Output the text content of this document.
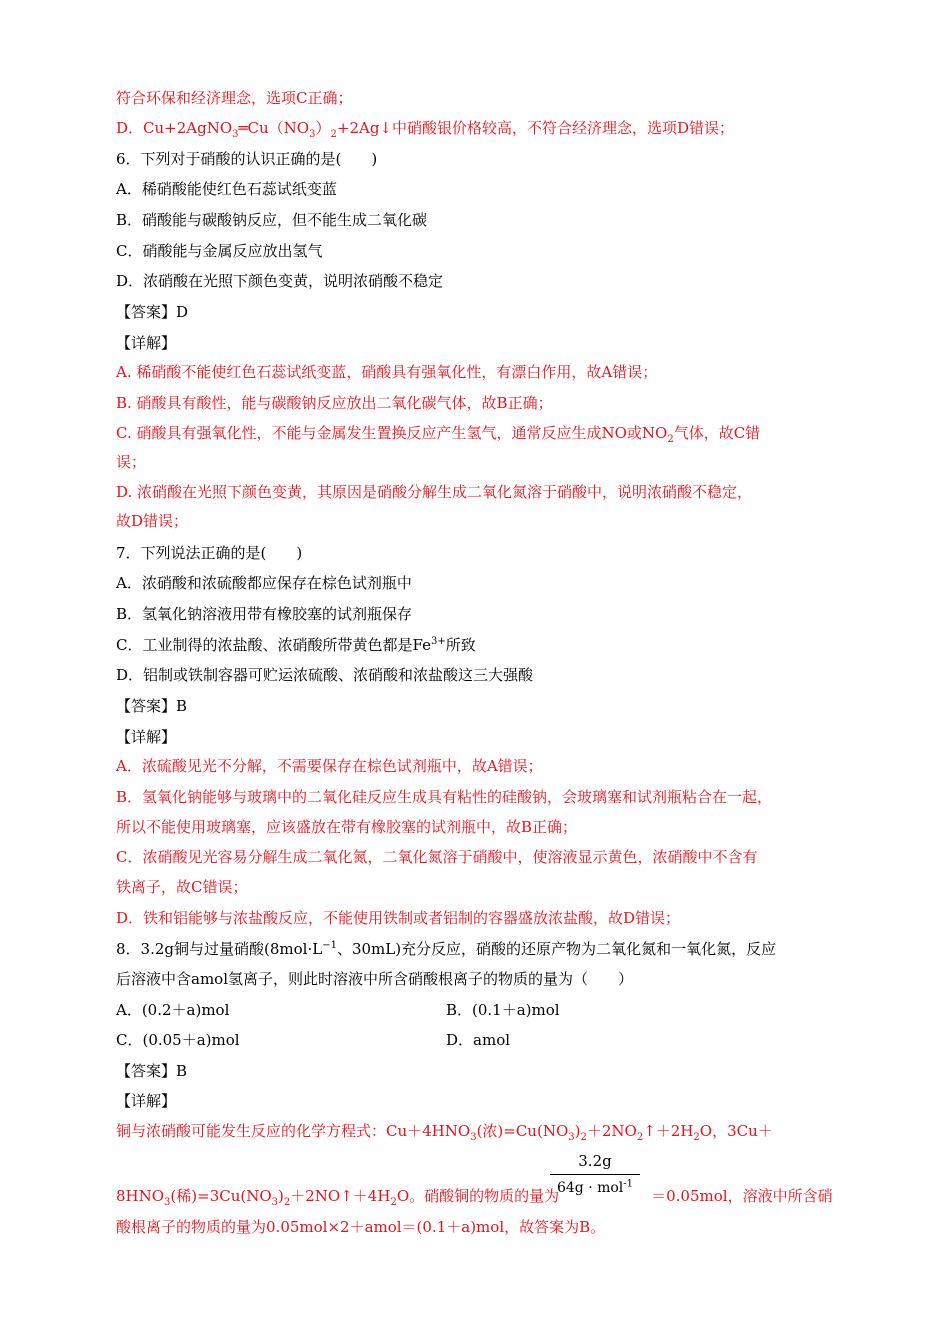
符合环保和经济理念，选项C正确；
D．$Cu+2AgNO_3═Cu(NO_3)_2+2Ag↓$中硝酸银价格较高，不符合经济理念，选项D错误；
6．下列对于硝酸的认识正确的是(　　)
A．稀硝酸能使红色石蕊试纸变蓝
B．硝酸能与碳酸钠反应，但不能生成二氧化碳
C．硝酸能与金属反应放出氢气
D．浓硝酸在光照下颜色变黄，说明浓硝酸不稳定
【答案】D
【详解】
A. 稀硝酸不能使红色石蕊试纸变蓝，硝酸具有强氧化性，有漂白作用，故A错误；
B. 硝酸具有酸性，能与碳酸钠反应放出二氧化碳气体，故B正确；
C. 硝酸具有强氧化性，不能与金属发生置换反应产生氢气，通常反应生成NO或$NO_2$气体，故C错
误；
D. 浓硝酸在光照下颜色变黄，其原因是硝酸分解生成二氧化氮溶于硝酸中，说明浓硝酸不稳定，
故D错误；
7．下列说法正确的是(　　)
A．浓硝酸和浓硫酸都应保存在棕色试剂瓶中
B．氢氧化钠溶液用带有橡胶塞的试剂瓶保存
C．工业制得的浓盐酸、浓硝酸所带黄色都是$Fe^{3+}$所致
D．铝制或铁制容器可贮运浓硫酸、浓硝酸和浓盐酸这三大强酸
【答案】B
【详解】
A．浓硫酸见光不分解，不需要保存在棕色试剂瓶中，故A错误；
B．氢氧化钠能够与玻璃中的二氧化硅反应生成具有粘性的硅酸钠，会玻璃塞和试剂瓶粘合在一起，
所以不能使用玻璃塞，应该盛放在带有橡胶塞的试剂瓶中，故B正确；
C．浓硝酸见光容易分解生成二氧化氮，二氧化氮溶于硝酸中，使溶液显示黄色，浓硝酸中不含有
铁离子，故C错误；
D．铁和铝能够与浓盐酸反应，不能使用铁制或者铝制的容器盛放浓盐酸，故D错误；
8．3.2g铜与过量硝酸($8mol\cdot L^{-1}$、30mL)充分反应，硝酸的还原产物为二氧化氮和一氧化氮，反应
后溶液中含amol氢离子，则此时溶液中所含硝酸根离子的物质的量为（　　）
A．(0.2＋a)mol	B．(0.1＋a)mol
C．(0.05＋a)mol	D．amol
【答案】B
【详解】
铜与浓硝酸可能发生反应的化学方程式：$Cu+4HNO_3$(浓)$=Cu(NO_3)_2+2NO_2↑+2H_2O$，3Cu＋
3.2g
64g · mol$^{-1}$
$8HNO_3$(稀)$=3Cu(NO_3)_2+2NO↑+4H_2O$。硝酸铜的物质的量为	＝0.05mol，溶液中所含硝
酸根离子的物质的量为0.05mol×2＋amol＝(0.1＋a)mol，故答案为B。
